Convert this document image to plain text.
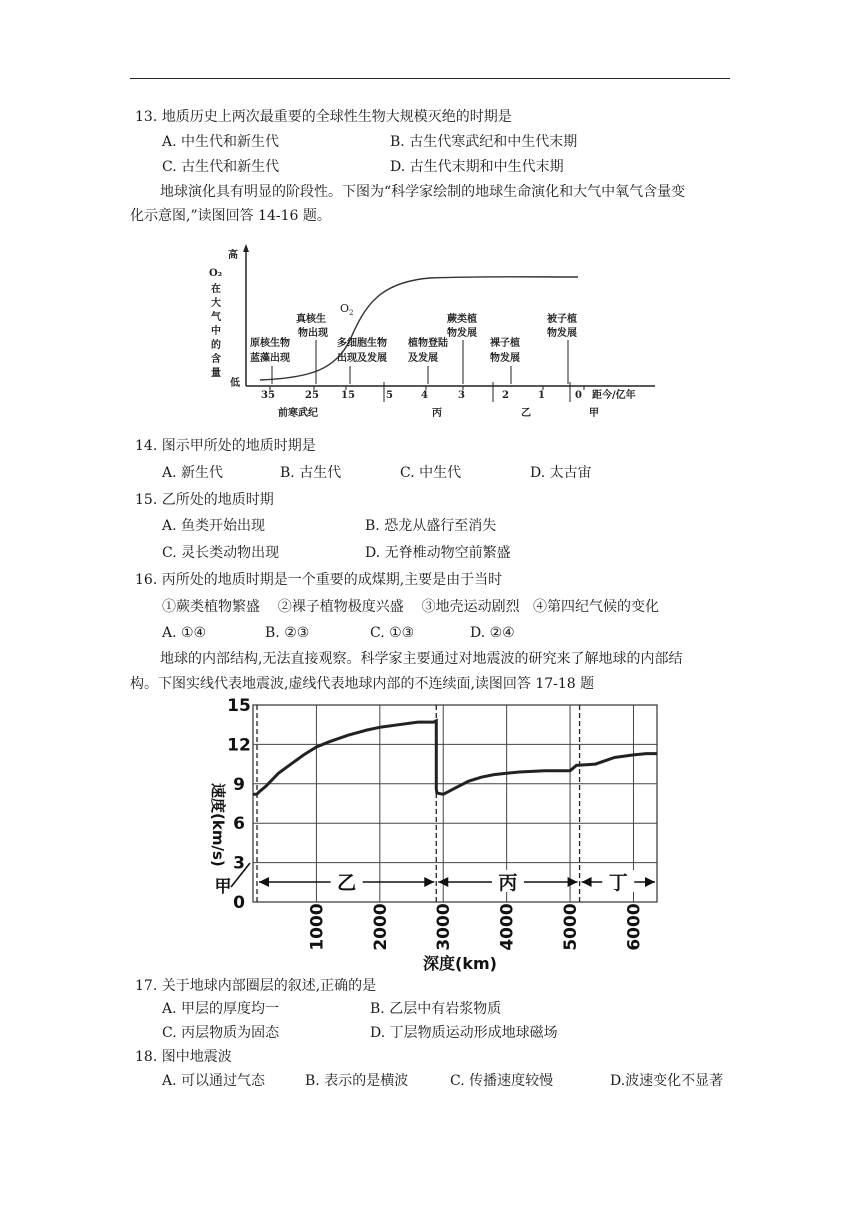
13. 地质历史上两次最重要的全球性生物大规模灭绝的时期是
A. 中生代和新生代	B. 古生代寒武纪和中生代末期
C. 古生代和新生代	D. 古生代末期和中生代末期
地球演化具有明显的阶段性。下图为“科学家绘制的地球生命演化和大气中氧气含量变
化示意图,”读图回答 14-16 题。
高
低
O₂
在
大
气
中
的
含
量
$O_2$
35	25 15	5	4	3	2	1	0 距今/亿年
前寒武纪	丙	乙	甲
原核生物
蓝藻出现
真核生
物出现
多细胞生物
出现及发展
植物登陆
及发展
蕨类植
物发展
裸子植
物发展
被子植
物发展
14. 图示甲所处的地质时期是
A. 新生代	B. 古生代	C. 中生代	D. 太古宙
15. 乙所处的地质时期
A. 鱼类开始出现	B. 恐龙从盛行至消失
C. 灵长类动物出现	D. 无脊椎动物空前繁盛
16. 丙所处的地质时期是一个重要的成煤期,主要是由于当时
①蕨类植物繁盛    ②裸子植物极度兴盛    ③地壳运动剧烈   ④第四纪气候的变化
A. ①④	B. ②③	C. ①③	D. ②④
地球的内部结构,无法直接观察。科学家主要通过对地震波的研究来了解地球的内部结
构。下图实线代表地震波,虚线代表地球内部的不连续面,读图回答 17-18 题
速度(km/s)
15
12
9
6
3
0
1000	2000	3000	4000	5000	6000
乙	丙	丁
甲
深度(km)
17. 关于地球内部圈层的叙述,正确的是
A. 甲层的厚度均一	B. 乙层中有岩浆物质
C. 丙层物质为固态	D. 丁层物质运动形成地球磁场
18. 图中地震波
A. 可以通过气态	B. 表示的是横波	C. 传播速度较慢	D.波速变化不显著
